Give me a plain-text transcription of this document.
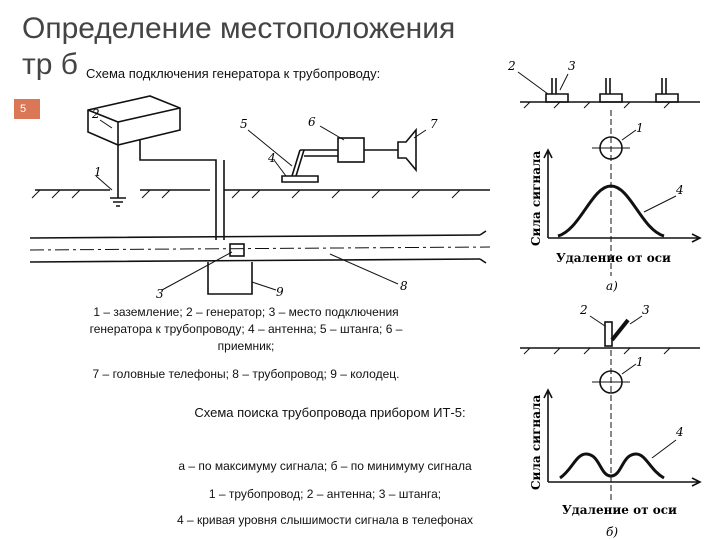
Определение местоположения
тр б
5	2
1
5
4
6	7
3
8
9
2	3
1
4
Сила сигнала
Удаление от оси
а)
2	3
1
4
Сила сигнала
Удаление от оси
б)
Схема подключения генератора к трубопроводу:
1 – заземление; 2 – генератор; 3 – место подключения
генератора к трубопроводу; 4 – антенна; 5 – штанга; 6 –
приемник;
7 – головные телефоны; 8 – трубопровод; 9 – колодец.
Схема поиска трубопровода прибором ИТ-5:
а – по максимуму сигнала; б – по минимуму сигнала
1 – трубопровод; 2 – антенна; 3 – штанга;
4 – кривая уровня слышимости сигнала в телефонах
